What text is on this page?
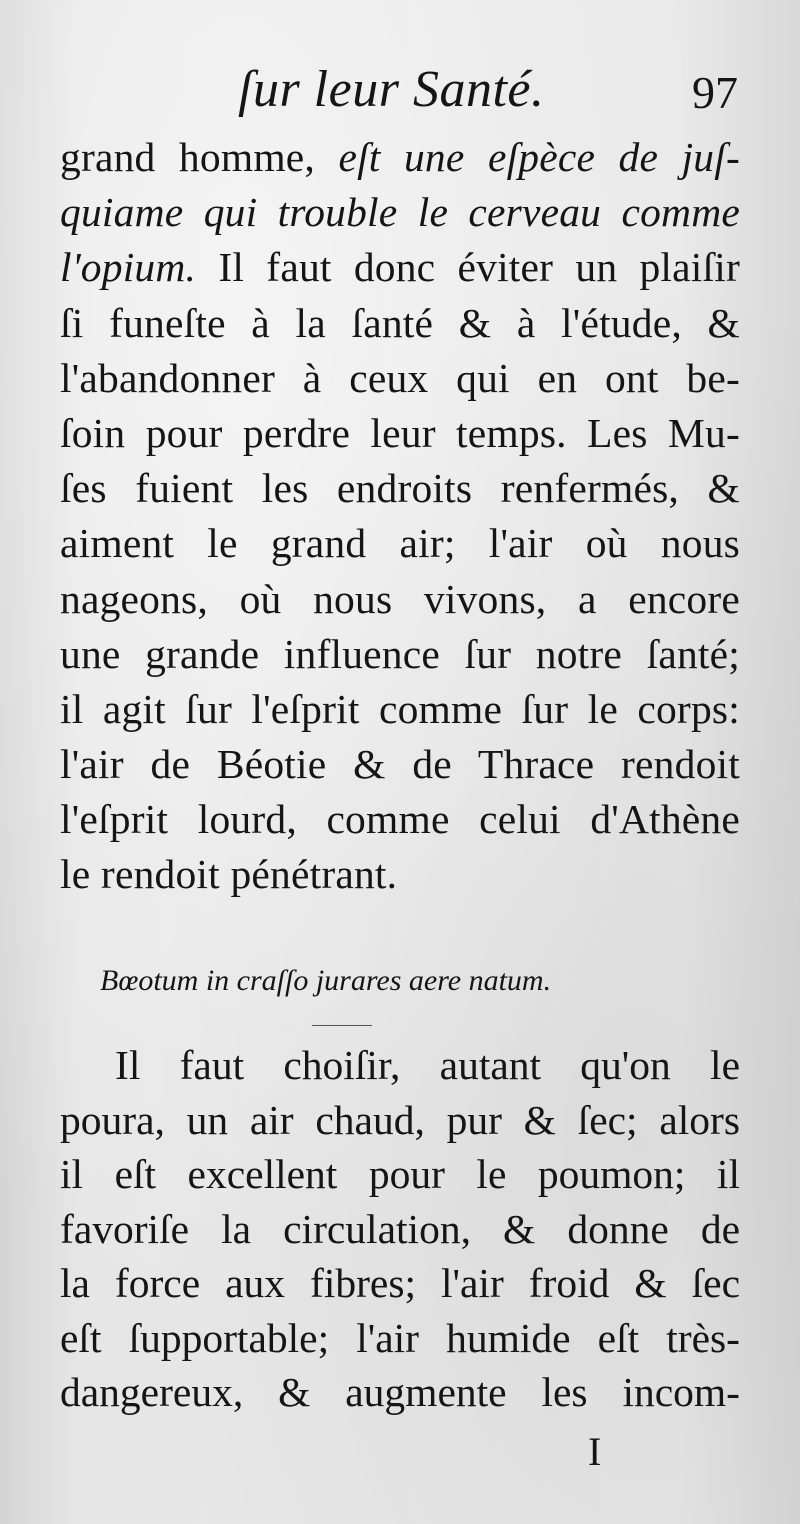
ſur leur Santé.	97
grand homme, eſt une eſpèce de juſ-
quiame qui trouble le cerveau comme
l'opium. Il faut donc éviter un plaiſir
ſi funeſte à la ſanté & à l'étude, &
l'abandonner à ceux qui en ont be-
ſoin pour perdre leur temps. Les Mu-
ſes fuient les endroits renfermés, &
aiment le grand air; l'air où nous
nageons, où nous vivons, a encore
une grande influence ſur notre ſanté;
il agit ſur l'eſprit comme ſur le corps:
l'air de Béotie & de Thrace rendoit
l'eſprit lourd, comme celui d'Athène
le rendoit pénétrant.
Bœotum in craſſo jurares aere natum.
Il faut choiſir, autant qu'on le
poura, un air chaud, pur & ſec; alors
il eſt excellent pour le poumon; il
favoriſe la circulation, & donne de
la force aux fibres; l'air froid & ſec
eſt ſupportable; l'air humide eſt très-
dangereux, & augmente les incom-
I
